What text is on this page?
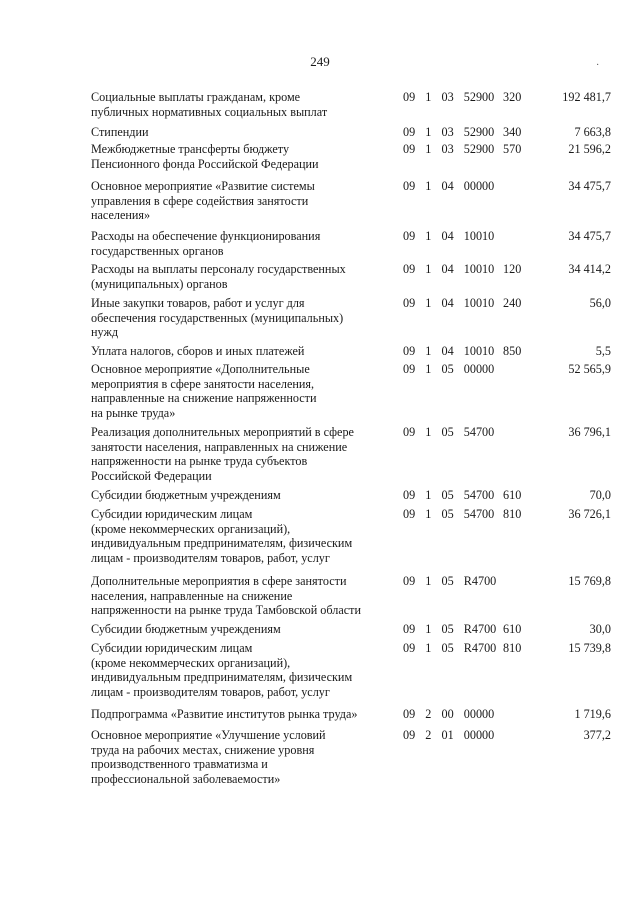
249	·
Социальные выплаты гражданам, кроме
публичных нормативных социальных выплат
09  1  03  52900 320	192 481,7
Стипендии	09  1  03  52900 340	7 663,8
Межбюджетные трансферты бюджету
Пенсионного фонда Российской Федерации
09  1  03  52900 570	21 596,2
Основное мероприятие «Развитие системы
управления в сфере содействия занятости
населения»
09  1  04  00000	34 475,7
Расходы на обеспечение функционирования
государственных органов
09  1  04  10010	34 475,7
Расходы на выплаты персоналу государственных
(муниципальных) органов
09  1  04  10010 120	34 414,2
Иные закупки товаров, работ и услуг для
обеспечения государственных (муниципальных)
нужд
09  1  04  10010 240	56,0
Уплата налогов, сборов и иных платежей	09  1  04  10010 850	5,5
Основное мероприятие «Дополнительные
мероприятия в сфере занятости населения,
направленные на снижение напряженности
на рынке труда»
09  1  05  00000	52 565,9
Реализация дополнительных мероприятий в сфере
занятости населения, направленных на снижение
напряженности на рынке труда субъектов
Российской Федерации
09  1  05  54700	36 796,1
Субсидии бюджетным учреждениям	09  1  05  54700 610	70,0
Субсидии юридическим лицам
(кроме некоммерческих организаций),
индивидуальным предпринимателям, физическим
лицам - производителям товаров, работ, услуг
09  1  05  54700 810	36 726,1
Дополнительные мероприятия в сфере занятости
населения, направленные на снижение
напряженности на рынке труда Тамбовской области
09  1  05  R4700	15 769,8
Субсидии бюджетным учреждениям	09  1  05  R4700 610	30,0
Субсидии юридическим лицам
(кроме некоммерческих организаций),
индивидуальным предпринимателям, физическим
лицам - производителям товаров, работ, услуг
09  1  05  R4700 810	15 739,8
Подпрограмма «Развитие институтов рынка труда»	09  2  00  00000	1 719,6
Основное мероприятие «Улучшение условий
труда на рабочих местах, снижение уровня
производственного травматизма и
профессиональной заболеваемости»
09  2  01  00000	377,2
